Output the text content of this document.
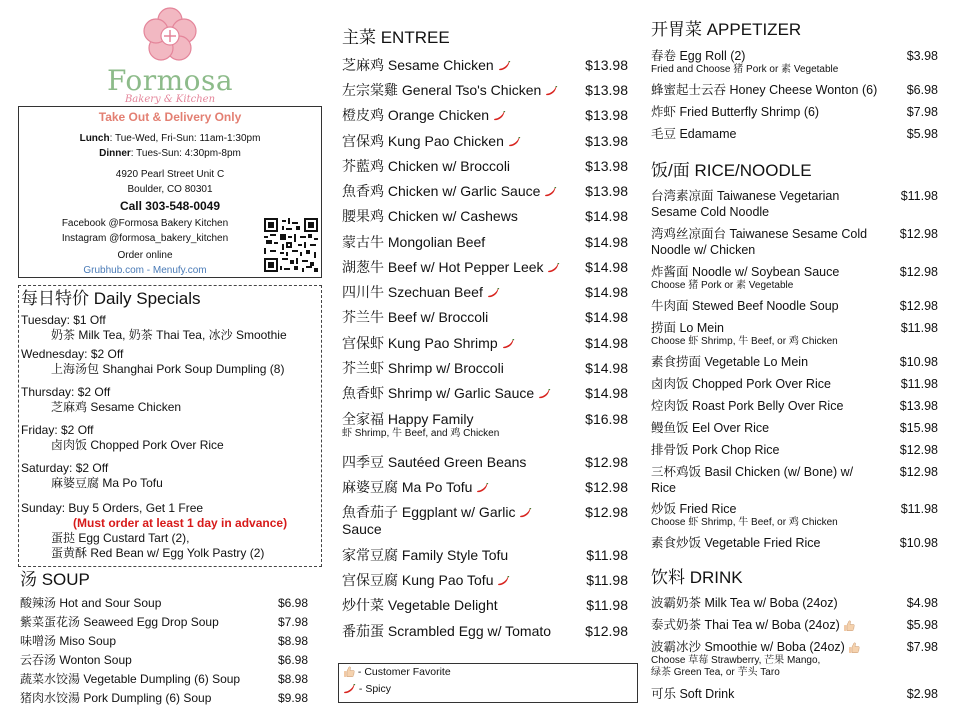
Formosa
Bakery & Kitchen
Take Out & Delivery Only
Lunch: Tue-Wed, Fri-Sun: 11am-1:30pm
Dinner: Tues-Sun: 4:30pm-8pm
4920 Pearl Street Unit C
Boulder, CO 80301
Call 303-548-0049
Facebook @Formosa Bakery Kitchen
Instagram @formosa_bakery_kitchen
Order online
Grubhub.com - Menufy.com
每日特价 Daily Specials
Tuesday: $1 Off
奶茶 Milk Tea, 奶茶 Thai Tea, 冰沙 Smoothie
Wednesday: $2 Off
上海汤包 Shanghai Pork Soup Dumpling (8)
Thursday: $2 Off
芝麻鸡 Sesame Chicken
Friday: $2 Off
卤肉饭 Chopped Pork Over Rice
Saturday: $2 Off
麻婆豆腐 Ma Po Tofu
Sunday: Buy 5 Orders, Get 1 Free
(Must order at least 1 day in advance)
蛋挞 Egg Custard Tart (2),
蛋黄酥 Red Bean w/ Egg Yolk Pastry (2)
汤 SOUP
酸辣汤 Hot and Sour Soup	$6.98
紫菜蛋花汤 Seaweed Egg Drop Soup	$7.98
味噌汤 Miso Soup	$8.98
云吞汤 Wonton Soup	$6.98
蔬菜水饺湯 Vegetable Dumpling (6) Soup	$8.98
猪肉水饺湯 Pork Dumpling (6) Soup	$9.98
主菜 ENTREE
芝麻鸡 Sesame Chicken	$13.98
左宗棠雞 General Tso's Chicken	$13.98
橙皮鸡 Orange Chicken	$13.98
宫保鸡 Kung Pao Chicken	$13.98
芥藍鸡 Chicken w/ Broccoli	$13.98
魚香鸡 Chicken w/ Garlic Sauce	$13.98
腰果鸡 Chicken w/ Cashews	$14.98
蒙古牛 Mongolian Beef	$14.98
湖葱牛 Beef w/ Hot Pepper Leek	$14.98
四川牛 Szechuan Beef	$14.98
芥兰牛 Beef w/ Broccoli	$14.98
宫保虾 Kung Pao Shrimp	$14.98
芥兰虾 Shrimp w/ Broccoli	$14.98
魚香虾 Shrimp w/ Garlic Sauce	$14.98
全家福 Happy Family	$16.98
虾 Shrimp, 牛 Beef, and 鸡 Chicken
四季豆 Sautéed Green Beans	$12.98
麻婆豆腐 Ma Po Tofu	$12.98
魚香茄子 Eggplant w/ Garlic	$12.98
Sauce
家常豆腐 Family Style Tofu	$11.98
宫保豆腐 Kung Pao Tofu	$11.98
炒什菜 Vegetable Delight	$11.98
番茄蛋 Scrambled Egg w/ Tomato $12.98
- Customer Favorite
- Spicy
开胃菜 APPETIZER
春卷 Egg Roll (2)	$3.98
Fried and Choose 猪 Pork or 素 Vegetable
蜂蜜起士云吞 Honey Cheese Wonton (6) $6.98
炸虾 Fried Butterfly Shrimp (6)	$7.98
毛豆 Edamame	$5.98
饭/面 RICE/NOODLE
台湾素凉面 Taiwanese Vegetarian	$11.98
Sesame Cold Noodle
湾鸡丝凉面台 Taiwanese Sesame Cold	$12.98
Noodle w/ Chicken
炸酱面 Noodle w/ Soybean Sauce	$12.98
Choose 猪 Pork or 素 Vegetable
牛肉面 Stewed Beef Noodle Soup	$12.98
捞面 Lo Mein	$11.98
Choose 虾 Shrimp, 牛 Beef, or 鸡 Chicken
素食捞面 Vegetable Lo Mein	$10.98
卤肉饭 Chopped Pork Over Rice	$11.98
焢肉饭 Roast Pork Belly Over Rice	$13.98
鳗鱼饭 Eel Over Rice	$15.98
排骨饭 Pork Chop Rice	$12.98
三杯鸡饭 Basil Chicken (w/ Bone) w/	$12.98
Rice
炒饭 Fried Rice	$11.98
Choose 虾 Shrimp, 牛 Beef, or 鸡 Chicken
素食炒饭 Vegetable Fried Rice	$10.98
饮料 DRINK
波霸奶茶 Milk Tea w/ Boba (24oz)	$4.98
泰式奶茶 Thai Tea w/ Boba (24oz)	$5.98
波霸冰沙 Smoothie w/ Boba (24oz)	$7.98
Choose 草莓 Strawberry, 芒果 Mango,
绿茶 Green Tea, or 芋头 Taro
可乐 Soft Drink	$2.98
